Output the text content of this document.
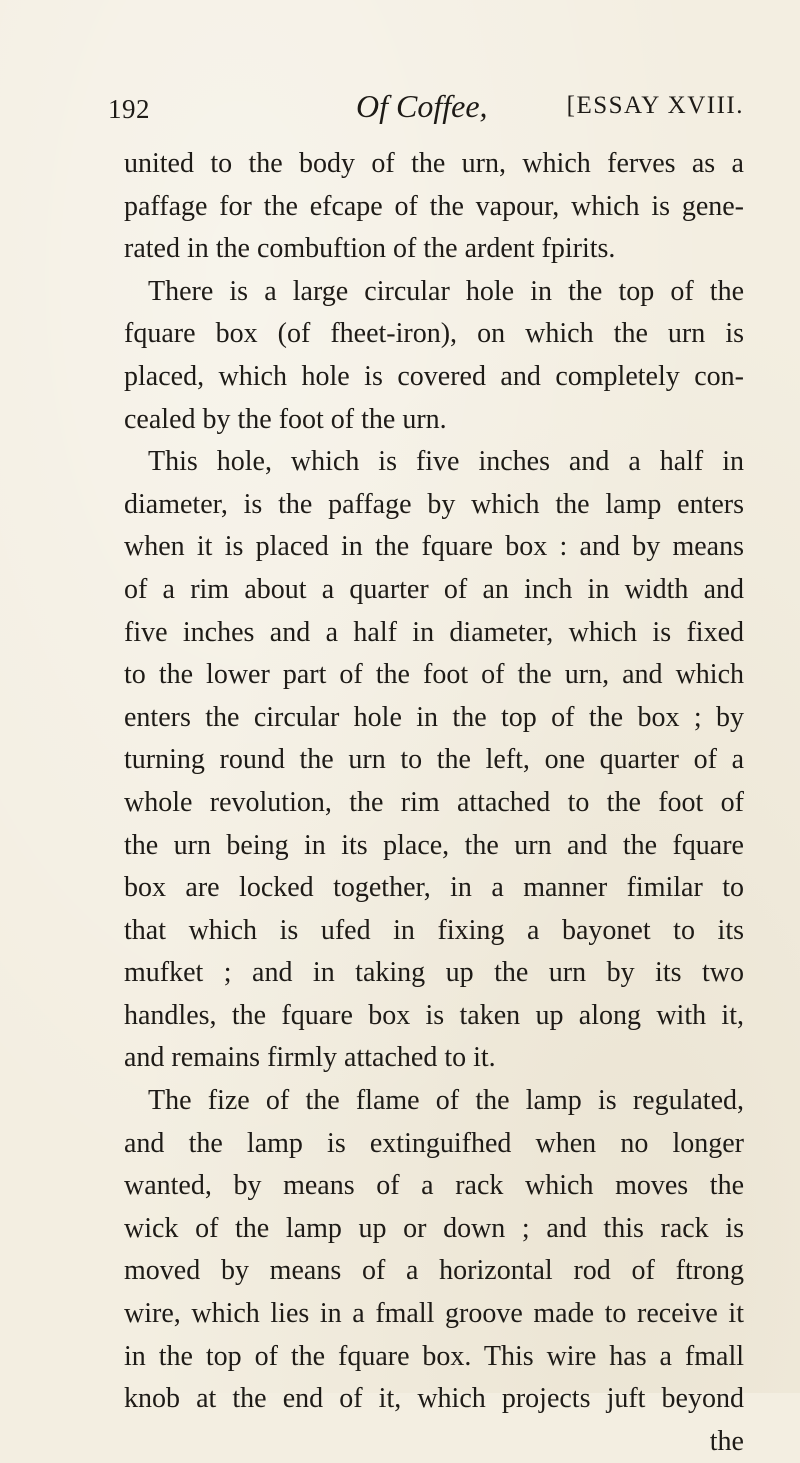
192	Of Coffee,	[ESSAY XVIII.
united to the body of the urn, which ferves as a
paffage for the efcape of the vapour, which is gene-
rated in the combuftion of the ardent fpirits.
There is a large circular hole in the top of the
fquare box (of fheet-iron), on which the urn is
placed, which hole is covered and completely con-
cealed by the foot of the urn.
This hole, which is five inches and a half in
diameter, is the paffage by which the lamp enters
when it is placed in the fquare box : and by means
of a rim about a quarter of an inch in width and
five inches and a half in diameter, which is fixed
to the lower part of the foot of the urn, and which
enters the circular hole in the top of the box ; by
turning round the urn to the left, one quarter of a
whole revolution, the rim attached to the foot of
the urn being in its place, the urn and the fquare
box are locked together, in a manner fimilar to
that which is ufed in fixing a bayonet to its
mufket ; and in taking up the urn by its two
handles, the fquare box is taken up along with it,
and remains firmly attached to it.
The fize of the flame of the lamp is regulated,
and the lamp is extinguifhed when no longer
wanted, by means of a rack which moves the
wick of the lamp up or down ; and this rack is
moved by means of a horizontal rod of ftrong
wire, which lies in a fmall groove made to receive it
in the top of the fquare box. This wire has a fmall
knob at the end of it, which projects juft beyond
the
